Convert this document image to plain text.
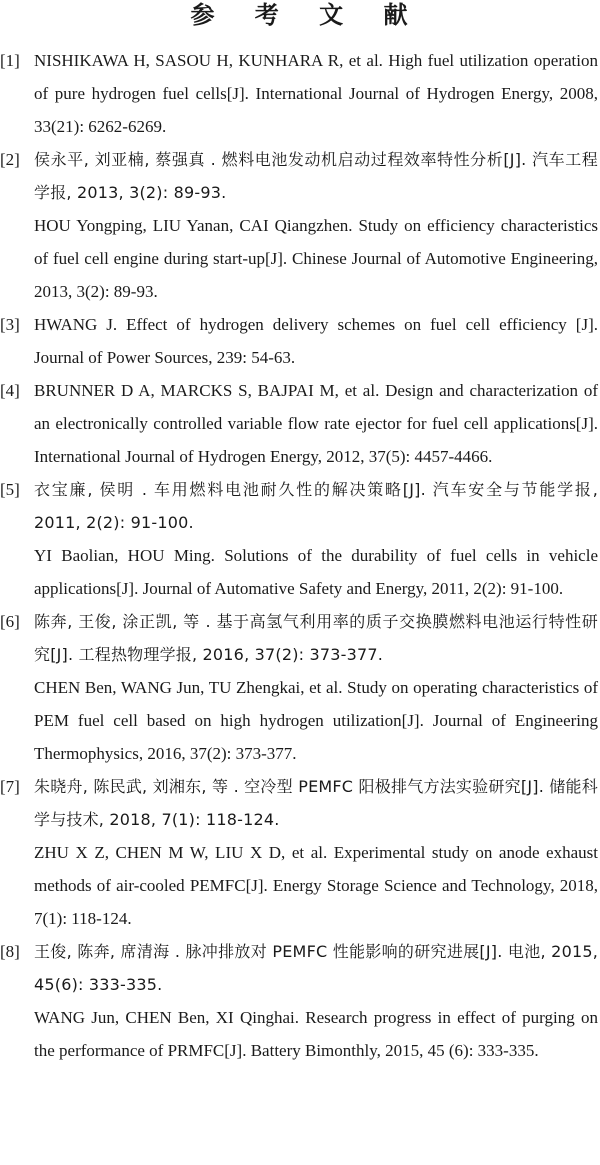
参 考 文 献
[1] NISHIKAWA H, SASOU H, KUNHARA R, et al. High fuel utilization operation of pure hydrogen fuel cells[J]. International Journal of Hydrogen Energy, 2008, 33(21): 6262-6269.

[2] 侯永平, 刘亚楠, 蔡强真 . 燃料电池发动机启动过程效率特性分析[J]. 汽车工程学报, 2013, 3(2): 89-93.

HOU Yongping, LIU Yanan, CAI Qiangzhen. Study on efficiency characteristics of fuel cell engine during start-up[J]. Chinese Journal of Automotive Engineering, 2013, 3(2): 89-93.

[3] HWANG J. Effect of hydrogen delivery schemes on fuel cell efficiency [J]. Journal of Power Sources, 239: 54-63.

[4] BRUNNER D A, MARCKS S, BAJPAI M, et al. Design and characterization of an electronically controlled variable flow rate ejector for fuel cell applications[J]. International Journal of Hydrogen Energy, 2012, 37(5): 4457-4466.

[5] 衣宝廉, 侯明 . 车用燃料电池耐久性的解决策略[J]. 汽车安全与节能学报, 2011, 2(2): 91-100.

YI Baolian, HOU Ming. Solutions of the durability of fuel cells in vehicle applications[J]. Journal of Automative Safety and Energy, 2011, 2(2): 91-100.

[6] 陈奔, 王俊, 涂正凯, 等 . 基于高氢气利用率的质子交换膜燃料电池运行特性研究[J]. 工程热物理学报, 2016, 37(2): 373-377.

CHEN Ben, WANG Jun, TU Zhengkai, et al. Study on operating characteristics of PEM fuel cell based on high hydrogen utilization[J]. Journal of Engineering Thermophysics, 2016, 37(2): 373-377.

[7] 朱晓舟, 陈民武, 刘湘东, 等 . 空冷型 PEMFC 阳极排气方法实验研究[J]. 储能科学与技术, 2018, 7(1): 118-124.

ZHU X Z, CHEN M W, LIU X D, et al. Experimental study on anode exhaust methods of air-cooled PEMFC[J]. Energy Storage Science and Technology, 2018, 7(1): 118-124.

[8] 王俊, 陈奔, 席清海 . 脉冲排放对 PEMFC 性能影响的研究进展[J]. 电池, 2015, 45(6): 333-335.

WANG Jun, CHEN Ben, XI Qinghai. Research progress in effect of purging on the performance of PRMFC[J]. Battery Bimonthly, 2015, 45 (6): 333-335.
